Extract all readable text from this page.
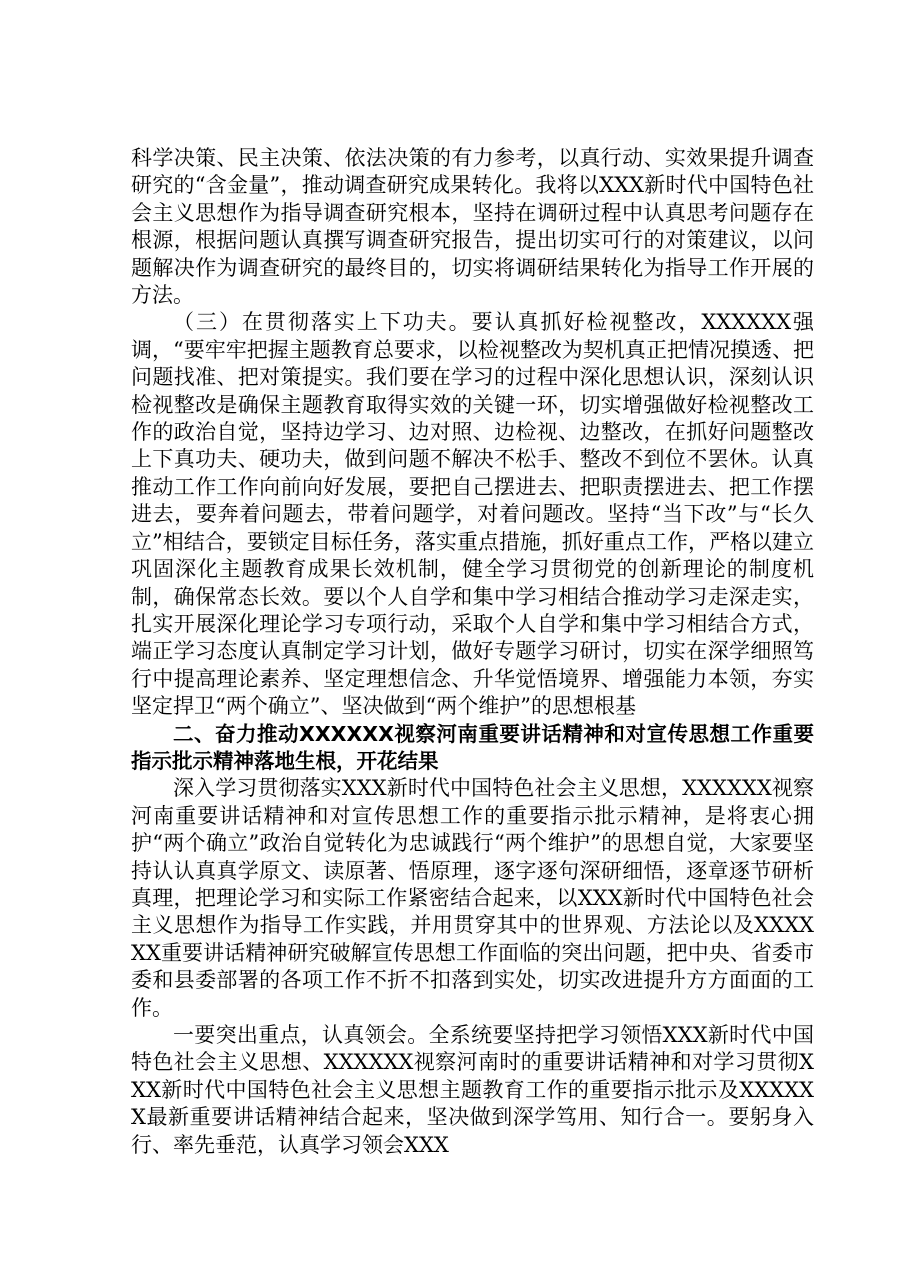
科学决策、民主决策、依法决策的有力参考，以真行动、实效果提升调查研究的“含金量”，推动调查研究成果转化。我将以XXX新时代中国特色社会主义思想作为指导调查研究根本，坚持在调研过程中认真思考问题存在根源，根据问题认真撰写调查研究报告，提出切实可行的对策建议，以问题解决作为调查研究的最终目的，切实将调研结果转化为指导工作开展的方法。

（三）在贯彻落实上下功夫。要认真抓好检视整改，XXXXXX强调，“要牢牢把握主题教育总要求，以检视整改为契机真正把情况摸透、把问题找准、把对策提实。我们要在学习的过程中深化思想认识，深刻认识检视整改是确保主题教育取得实效的关键一环，切实增强做好检视整改工作的政治自觉，坚持边学习、边对照、边检视、边整改，在抓好问题整改上下真功夫、硬功夫，做到问题不解决不松手、整改不到位不罢休。认真推动工作工作向前向好发展，要把自己摆进去、把职责摆进去、把工作摆进去，要奔着问题去，带着问题学，对着问题改。坚持“当下改”与“长久立”相结合，要锁定目标任务，落实重点措施，抓好重点工作，严格以建立巩固深化主题教育成果长效机制，健全学习贯彻党的创新理论的制度机制，确保常态长效。要以个人自学和集中学习相结合推动学习走深走实，扎实开展深化理论学习专项行动，采取个人自学和集中学习相结合方式，端正学习态度认真制定学习计划，做好专题学习研讨，切实在深学细照笃行中提高理论素养、坚定理想信念、升华觉悟境界、增强能力本领，夯实坚定捍卫“两个确立”、坚决做到“两个维护”的思想根基

二、奋力推动XXXXXX视察河南重要讲话精神和对宣传思想工作重要指示批示精神落地生根，开花结果

深入学习贯彻落实XXX新时代中国特色社会主义思想，XXXXXX视察河南重要讲话精神和对宣传思想工作的重要指示批示精神，是将衷心拥护“两个确立”政治自觉转化为忠诚践行“两个维护”的思想自觉，大家要坚持认认真真学原文、读原著、悟原理，逐字逐句深研细悟，逐章逐节研析真理，把理论学习和实际工作紧密结合起来，以XXX新时代中国特色社会主义思想作为指导工作实践，并用贯穿其中的世界观、方法论以及XXXXXX重要讲话精神研究破解宣传思想工作面临的突出问题，把中央、省委市委和县委部署的各项工作不折不扣落到实处，切实改进提升方方面面的工作。

一要突出重点，认真领会。全系统要坚持把学习领悟XXX新时代中国特色社会主义思想、XXXXXX视察河南时的重要讲话精神和对学习贯彻XXX新时代中国特色社会主义思想主题教育工作的重要指示批示及XXXXXX最新重要讲话精神结合起来，坚决做到深学笃用、知行合一。要躬身入行、率先垂范，认真学习领会XXX
